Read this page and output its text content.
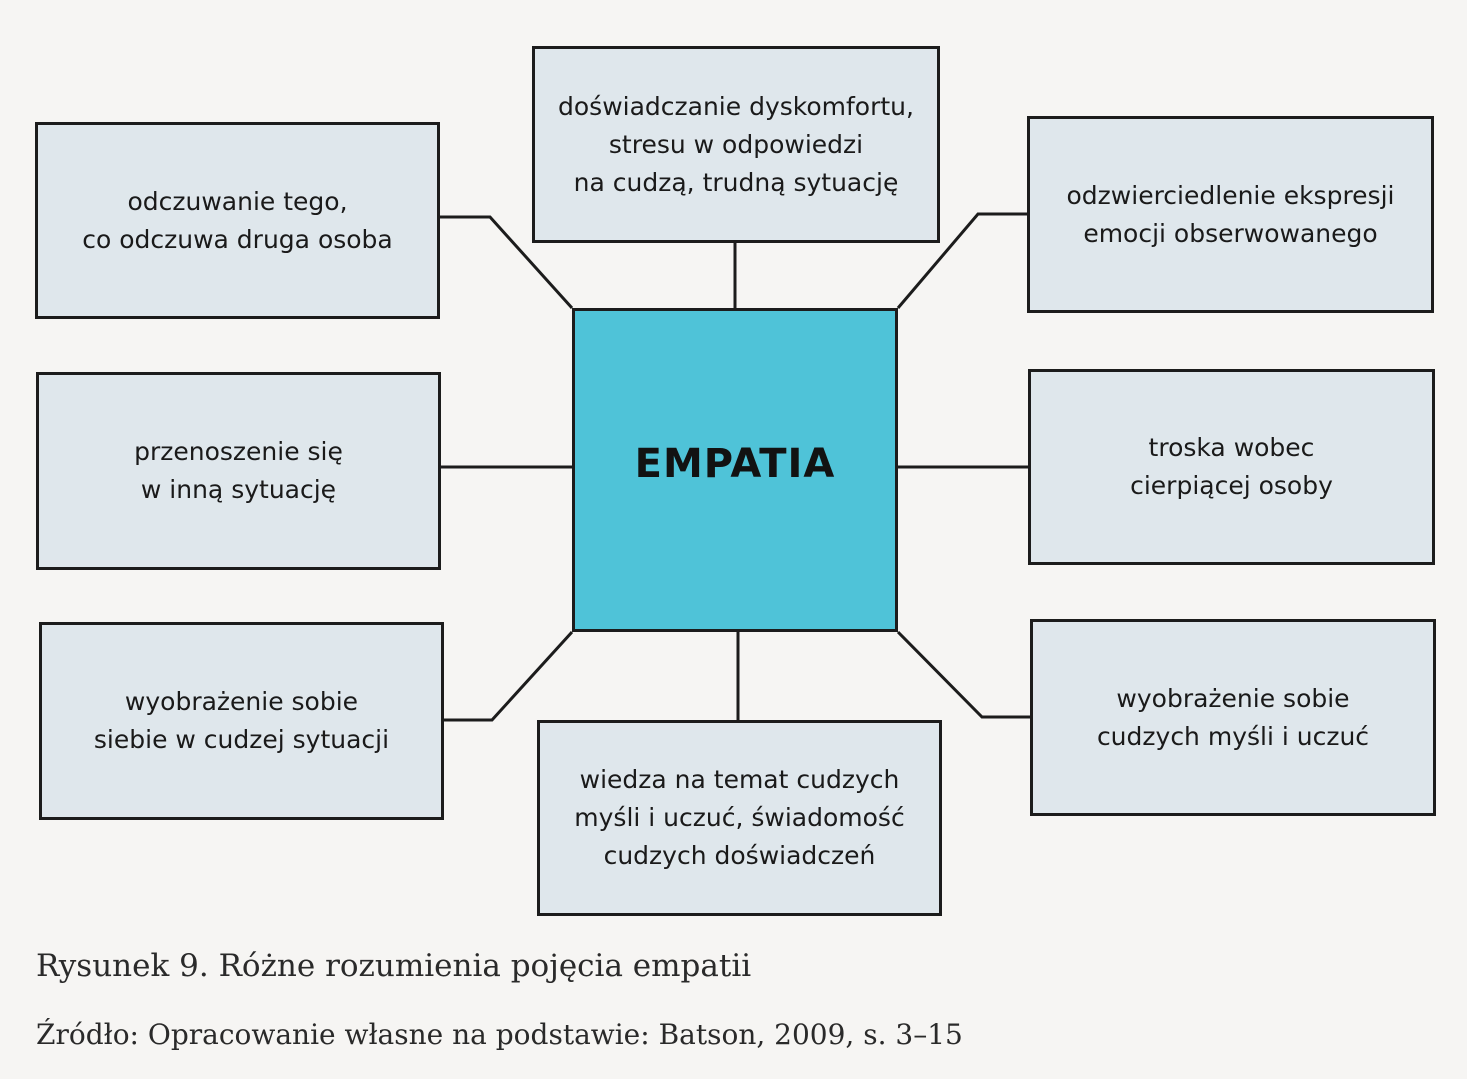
EMPATIA
doświadczanie dyskomfortu,
stresu w odpowiedzi
na cudzą, trudną sytuację
odczuwanie tego,
co odczuwa druga osoba
odzwierciedlenie ekspresji
emocji obserwowanego
przenoszenie się
w inną sytuację
troska wobec
cierpiącej osoby
wyobrażenie sobie
siebie w cudzej sytuacji
wyobrażenie sobie
cudzych myśli i uczuć
wiedza na temat cudzych
myśli i uczuć, świadomość
cudzych doświadczeń
Rysunek 9. Różne rozumienia pojęcia empatii
Źródło: Opracowanie własne na podstawie: Batson, 2009, s. 3–15
